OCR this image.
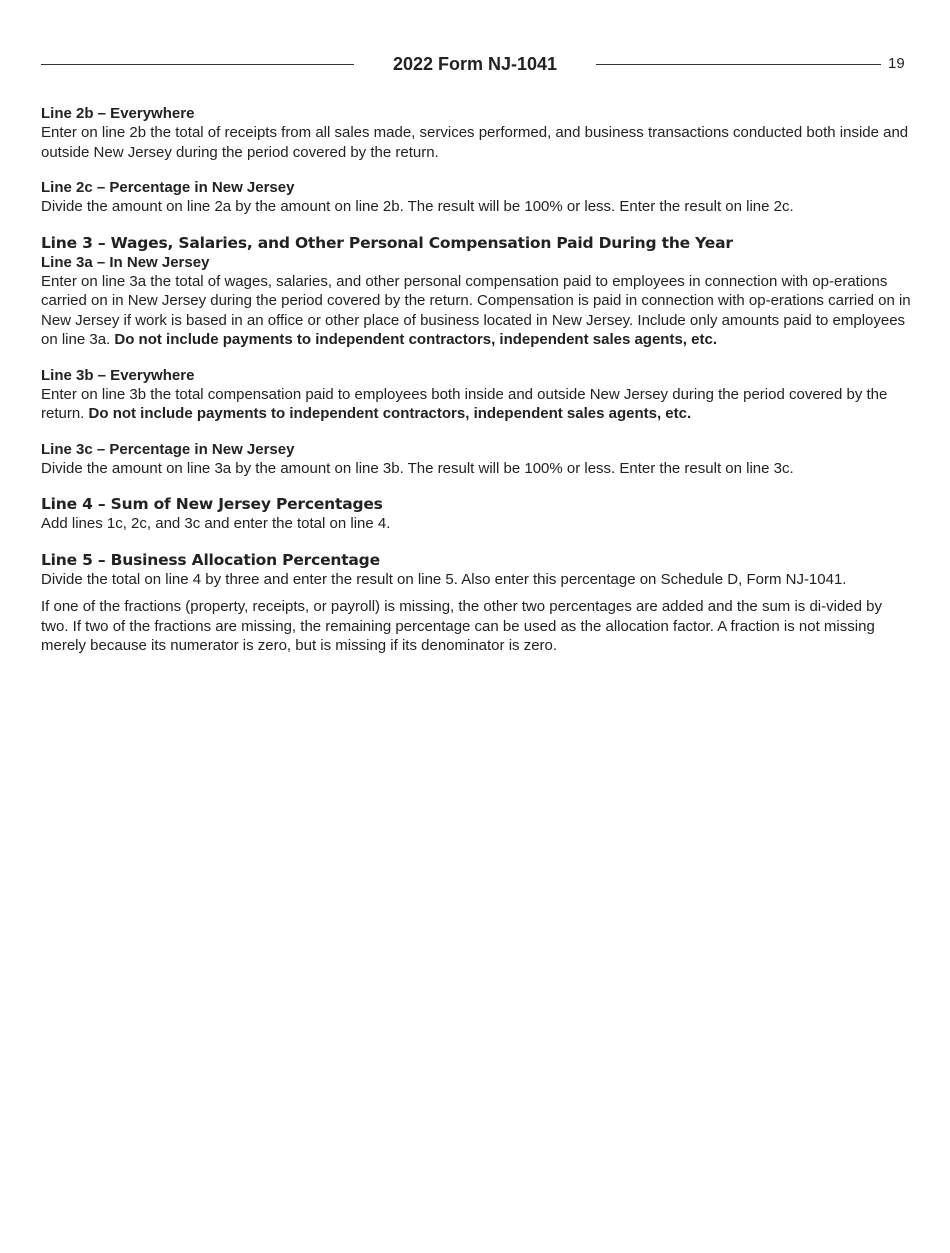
2022 Form NJ-1041	19

Line 2b – Everywhere

Enter on line 2b the total of receipts from all sales made, services performed, and business transactions conducted both inside and outside New Jersey during the period covered by the return.

Line 2c – Percentage in New Jersey

Divide the amount on line 2a by the amount on line 2b. The result will be 100% or less. Enter the result on line 2c.

Line 3 – Wages, Salaries, and Other Personal Compensation Paid During the Year

Line 3a – In New Jersey

Enter on line 3a the total of wages, salaries, and other personal compensation paid to employees in connection with op-erations carried on in New Jersey during the period covered by the return. Compensation is paid in connection with op-erations carried on in New Jersey if work is based in an office or other place of business located in New Jersey. Include only amounts paid to employees on line 3a. Do not include payments to independent contractors, independent sales agents, etc.

Line 3b – Everywhere

Enter on line 3b the total compensation paid to employees both inside and outside New Jersey during the period covered by the return. Do not include payments to independent contractors, independent sales agents, etc.

Line 3c – Percentage in New Jersey

Divide the amount on line 3a by the amount on line 3b. The result will be 100% or less. Enter the result on line 3c.

Line 4 – Sum of New Jersey Percentages

Add lines 1c, 2c, and 3c and enter the total on line 4.

Line 5 – Business Allocation Percentage

Divide the total on line 4 by three and enter the result on line 5. Also enter this percentage on Schedule D, Form NJ-1041.

If one of the fractions (property, receipts, or payroll) is missing, the other two percentages are added and the sum is di-vided by two. If two of the fractions are missing, the remaining percentage can be used as the allocation factor. A fraction is not missing merely because its numerator is zero, but is missing if its denominator is zero.
